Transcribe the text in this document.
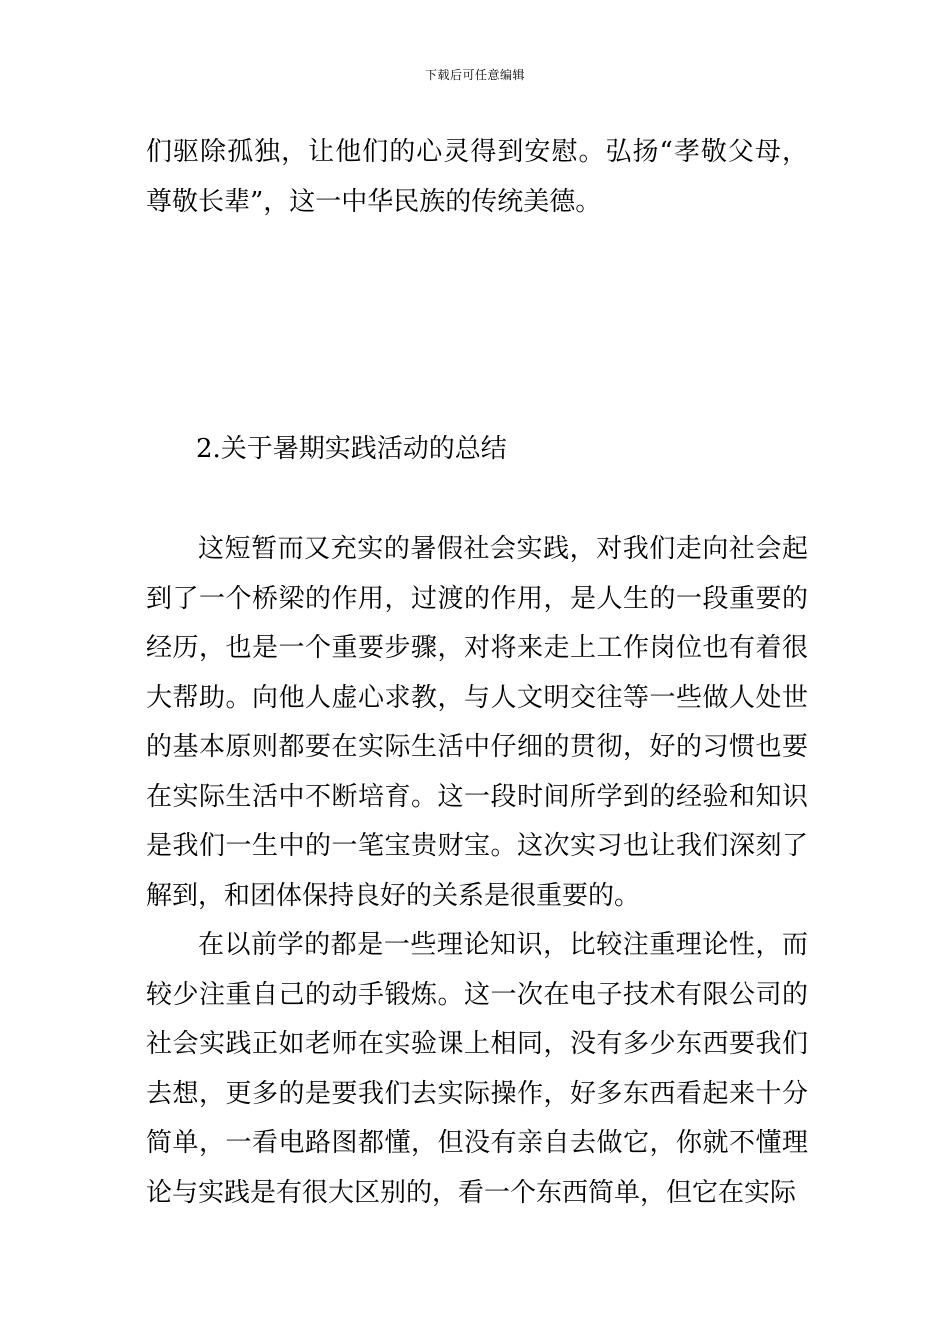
下载后可任意编辑

们驱除孤独，让他们的心灵得到安慰。弘扬“孝敬父母，尊敬长辈”，这一中华民族的传统美德。

2.关于暑期实践活动的总结

这短暂而又充实的暑假社会实践，对我们走向社会起到了一个桥梁的作用，过渡的作用，是人生的一段重要的经历，也是一个重要步骤，对将来走上工作岗位也有着很大帮助。向他人虚心求教，与人文明交往等一些做人处世的基本原则都要在实际生活中仔细的贯彻，好的习惯也要在实际生活中不断培育。这一段时间所学到的经验和知识是我们一生中的一笔宝贵财宝。这次实习也让我们深刻了解到，和团体保持良好的关系是很重要的。

在以前学的都是一些理论知识，比较注重理论性，而较少注重自己的动手锻炼。这一次在电子技术有限公司的社会实践正如老师在实验课上相同，没有多少东西要我们去想，更多的是要我们去实际操作，好多东西看起来十分简单，一看电路图都懂，但没有亲自去做它，你就不懂理论与实践是有很大区别的，看一个东西简单，但它在实际
